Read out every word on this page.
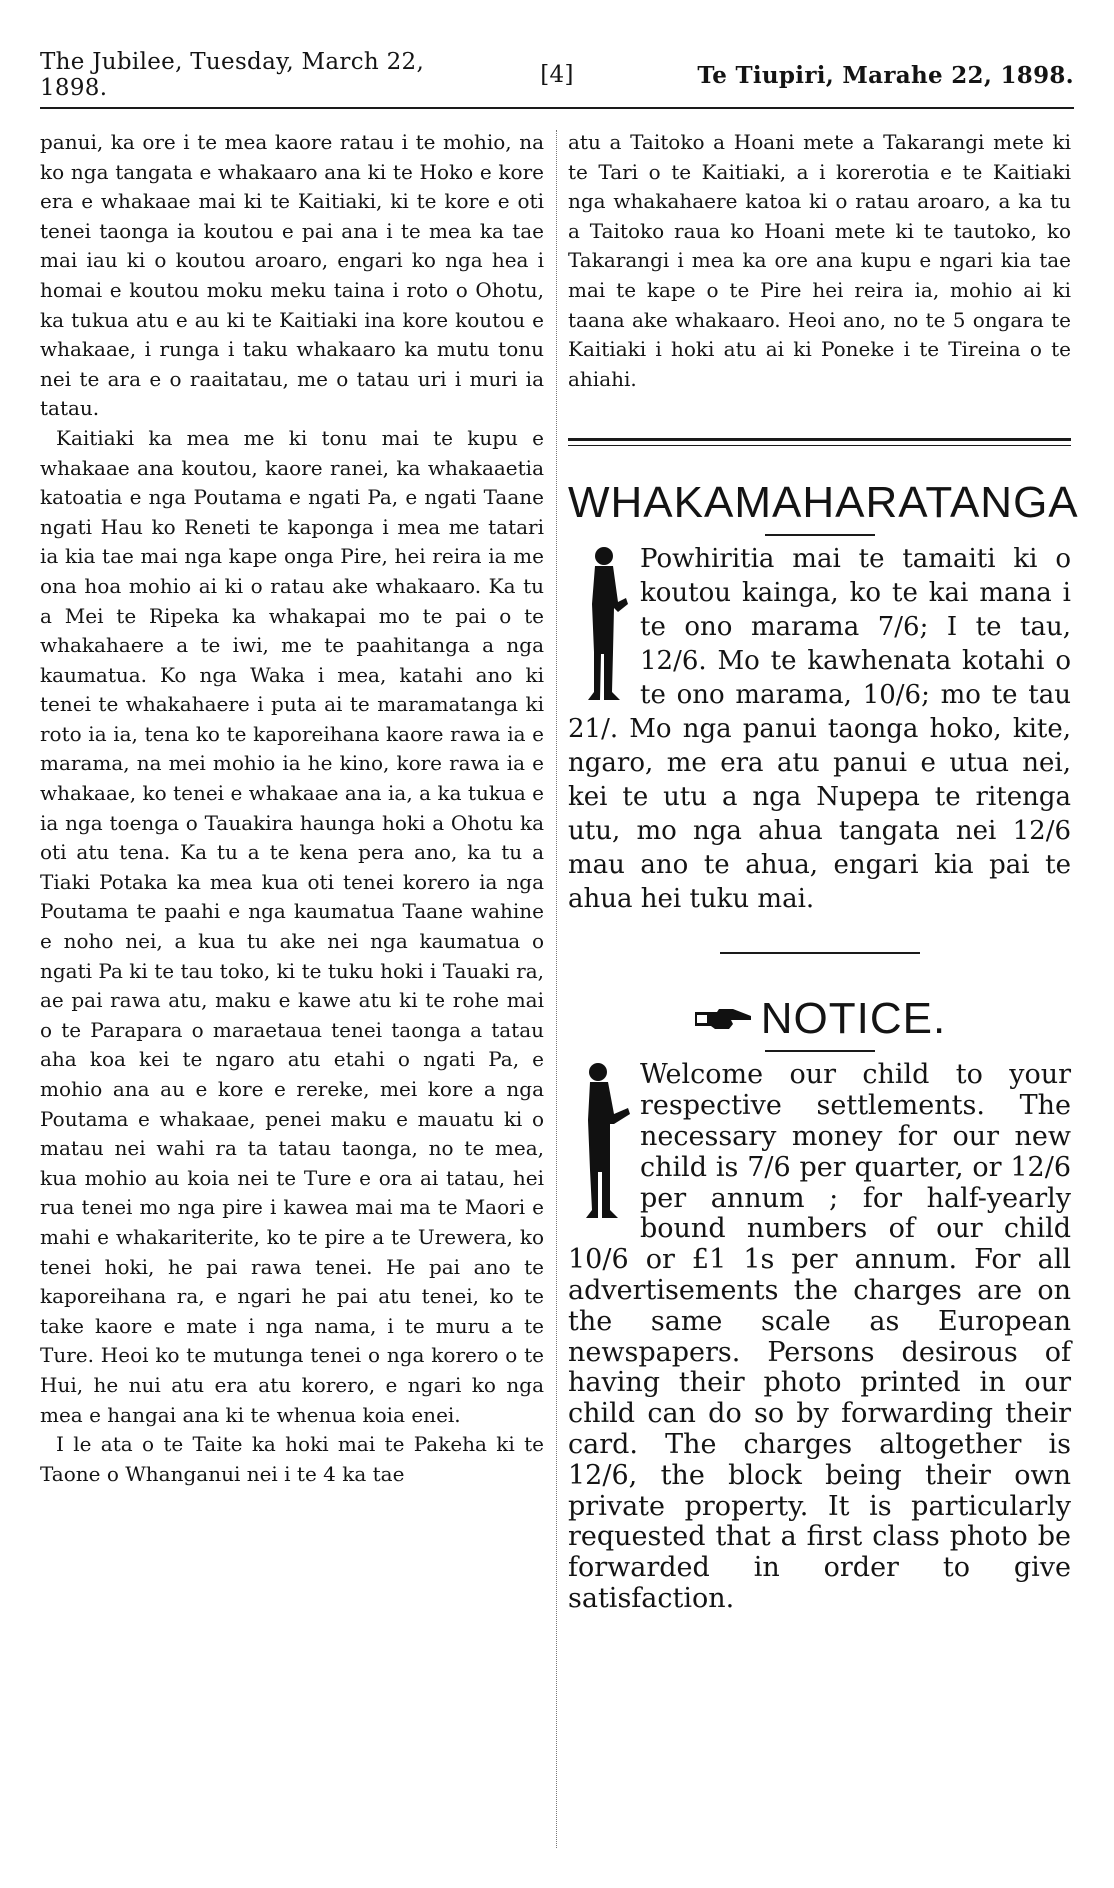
The Jubilee, Tuesday, March 22, 1898.	[4]	Te Tiupiri, Marahe 22, 1898.

panui, ka ore i te mea kaore ratau i te mohio, na ko nga tangata e whakaaro ana ki te Hoko e kore era e whakaae mai ki te Kaitiaki, ki te kore e oti tenei taonga ia koutou e pai ana i te mea ka tae mai iau ki o koutou aroaro, engari ko nga hea i homai e koutou moku meku taina i roto o Ohotu, ka tukua atu e au ki te Kaitiaki ina kore koutou e whakaae, i runga i taku whakaaro ka mutu tonu nei te ara e o raaitatau, me o tatau uri i muri ia tatau.

Kaitiaki ka mea me ki tonu mai te kupu e whakaae ana koutou, kaore ranei, ka whakaaetia katoatia e nga Poutama e ngati Pa, e ngati Taane ngati Hau ko Reneti te kaponga i mea me tatari ia kia tae mai nga kape onga Pire, hei reira ia me ona hoa mohio ai ki o ratau ake whakaaro. Ka tu a Mei te Ripeka ka whakapai mo te pai o te whakahaere a te iwi, me te paahitanga a nga kaumatua. Ko nga Waka i mea, katahi ano ki tenei te whakahaere i puta ai te maramatanga ki roto ia ia, tena ko te kaporeihana kaore rawa ia e marama, na mei mohio ia he kino, kore rawa ia e whakaae, ko tenei e whakaae ana ia, a ka tukua e ia nga toenga o Tauakira haunga hoki a Ohotu ka oti atu tena. Ka tu a te kena pera ano, ka tu a Tiaki Potaka ka mea kua oti tenei korero ia nga Poutama te paahi e nga kaumatua Taane wahine e noho nei, a kua tu ake nei nga kaumatua o ngati Pa ki te tau toko, ki te tuku hoki i Tauaki ra, ae pai rawa atu, maku e kawe atu ki te rohe mai o te Parapara o maraetaua tenei taonga a tatau aha koa kei te ngaro atu etahi o ngati Pa, e mohio ana au e kore e rereke, mei kore a nga Poutama e whakaae, penei maku e mauatu ki o matau nei wahi ra ta tatau taonga, no te mea, kua mohio au koia nei te Ture e ora ai tatau, hei rua tenei mo nga pire i kawea mai ma te Maori e mahi e whakariterite, ko te pire a te Urewera, ko tenei hoki, he pai rawa tenei. He pai ano te kaporeihana ra, e ngari he pai atu tenei, ko te take kaore e mate i nga nama, i te muru a te Ture. Heoi ko te mutunga tenei o nga korero o te Hui, he nui atu era atu korero, e ngari ko nga mea e hangai ana ki te whenua koia enei.

I le ata o te Taite ka hoki mai te Pakeha ki te Taone o Whanganui nei i te 4 ka tae

atu a Taitoko a Hoani mete a Takarangi mete ki te Tari o te Kaitiaki, a i korerotia e te Kaitiaki nga whakahaere katoa ki o ratau aroaro, a ka tu a Taitoko raua ko Hoani mete ki te tautoko, ko Takarangi i mea ka ore ana kupu e ngari kia tae mai te kape o te Pire hei reira ia, mohio ai ki taana ake whakaaro. Heoi ano, no te 5 ongara te Kaitiaki i hoki atu ai ki Poneke i te Tireina o te ahiahi.
WHAKAMAHARATANGA
Powhiritia mai te tamaiti ki o koutou kainga, ko te kai mana i te ono marama 7/6; I te tau, 12/6. Mo te kawhenata kotahi o te ono marama, 10/6; mo te tau 21/. Mo nga panui taonga hoko, kite, ngaro, me era atu panui e utua nei, kei te utu a nga Nupepa te ritenga utu, mo nga ahua tangata nei 12/6 mau ano te ahua, engari kia pai te ahua hei tuku mai.
NOTICE.
Welcome our child to your respective settlements. The necessary money for our new child is 7/6 per quarter, or 12/6 per annum ; for half-yearly bound numbers of our child 10/6 or £1 1s per annum. For all advertisements the charges are on the same scale as European newspapers. Persons desirous of having their photo printed in our child can do so by forwarding their card. The charges altogether is 12/6, the block being their own private property. It is particularly requested that a first class photo be forwarded in order to give satisfaction.
